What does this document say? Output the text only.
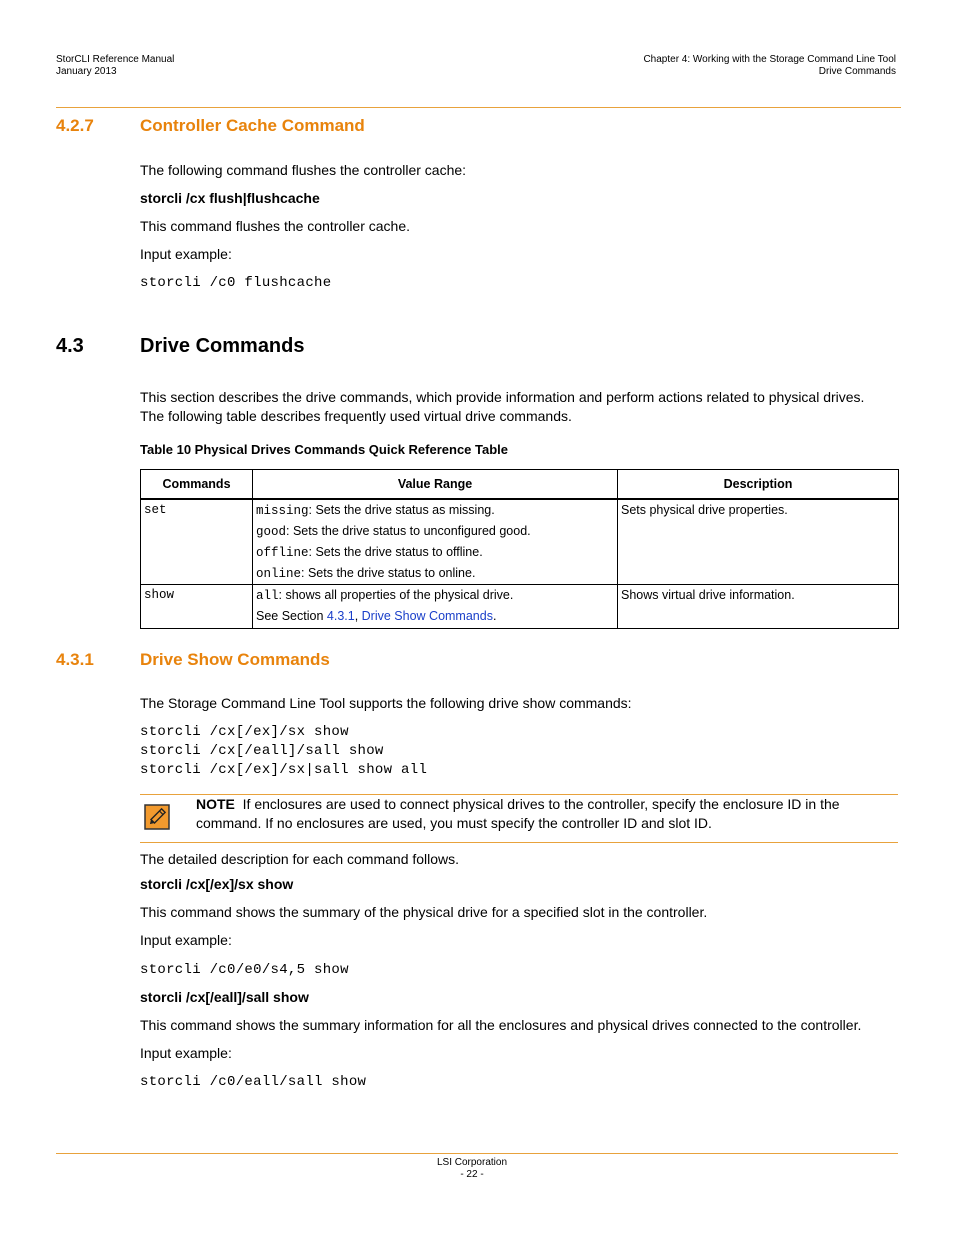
StorCLI Reference Manual
January 2013
Chapter 4: Working with the Storage Command Line Tool
Drive Commands
4.2.7	Controller Cache Command
The following command flushes the controller cache:
storcli /cx flush|flushcache
This command flushes the controller cache.
Input example:
storcli /c0 flushcache
4.3	Drive Commands
This section describes the drive commands, which provide information and perform actions related to physical drives.
The following table describes frequently used virtual drive commands.
Table 10 Physical Drives Commands Quick Reference Table
Commands	Value Range	Description

set	missing: Sets the drive status as missing.
good: Sets the drive status to unconfigured good.
offline: Sets the drive status to offline.
online: Sets the drive status to online.	Sets physical drive properties.

show	all: shows all properties of the physical drive.
See Section 4.3.1, Drive Show Commands.	Shows virtual drive information.
4.3.1	Drive Show Commands
The Storage Command Line Tool supports the following drive show commands:
storcli /cx[/ex]/sx show
storcli /cx[/eall]/sall show
storcli /cx[/ex]/sx|sall show all
NOTE If enclosures are used to connect physical drives to the controller, specify the enclosure ID in the
command. If no enclosures are used, you must specify the controller ID and slot ID.
The detailed description for each command follows.
storcli /cx[/ex]/sx show
This command shows the summary of the physical drive for a specified slot in the controller.
Input example:
storcli /c0/e0/s4,5 show
storcli /cx[/eall]/sall show
This command shows the summary information for all the enclosures and physical drives connected to the controller.
Input example:
storcli /c0/eall/sall show
LSI Corporation
- 22 -
